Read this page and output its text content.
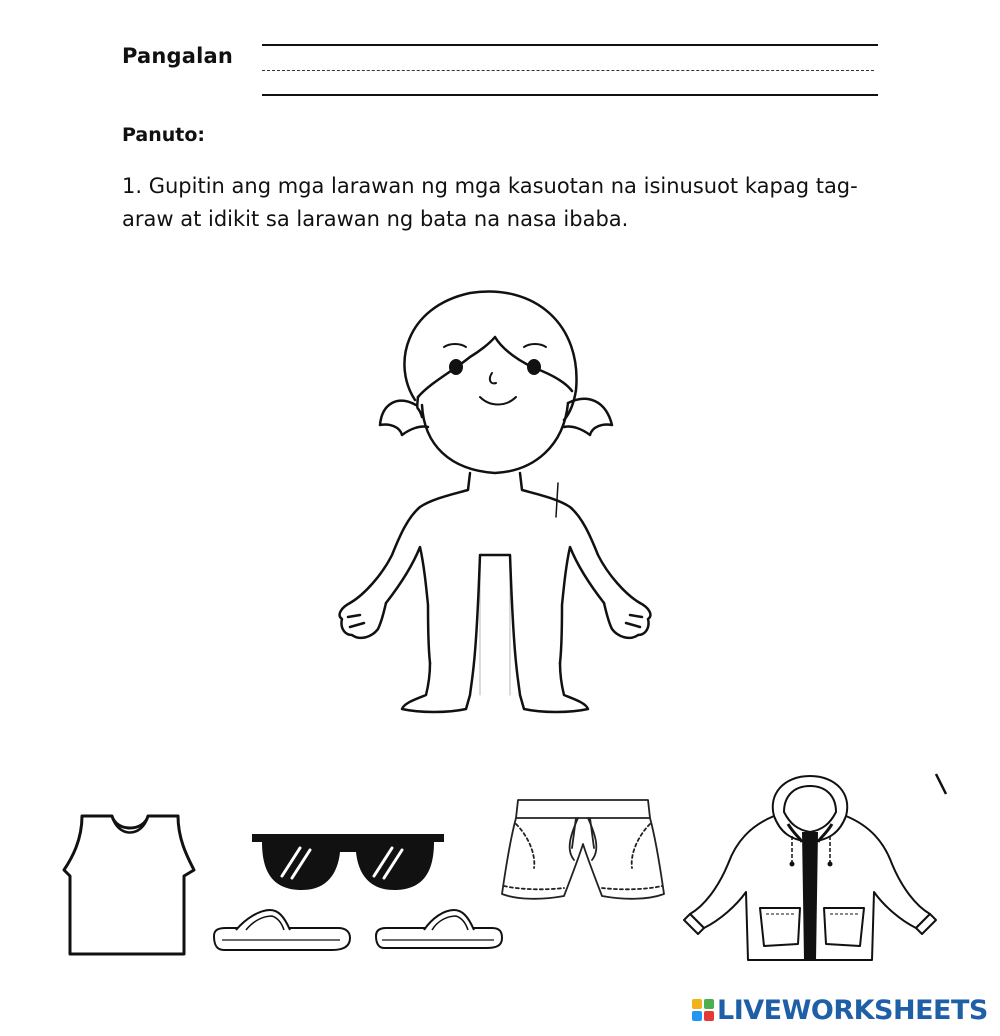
Pangalan
Panuto:
1. Gupitin ang mga larawan ng mga kasuotan na isinusuot kapag tag-araw at idikit sa larawan ng bata na nasa ibaba.
LIVEWORKSHEETS
